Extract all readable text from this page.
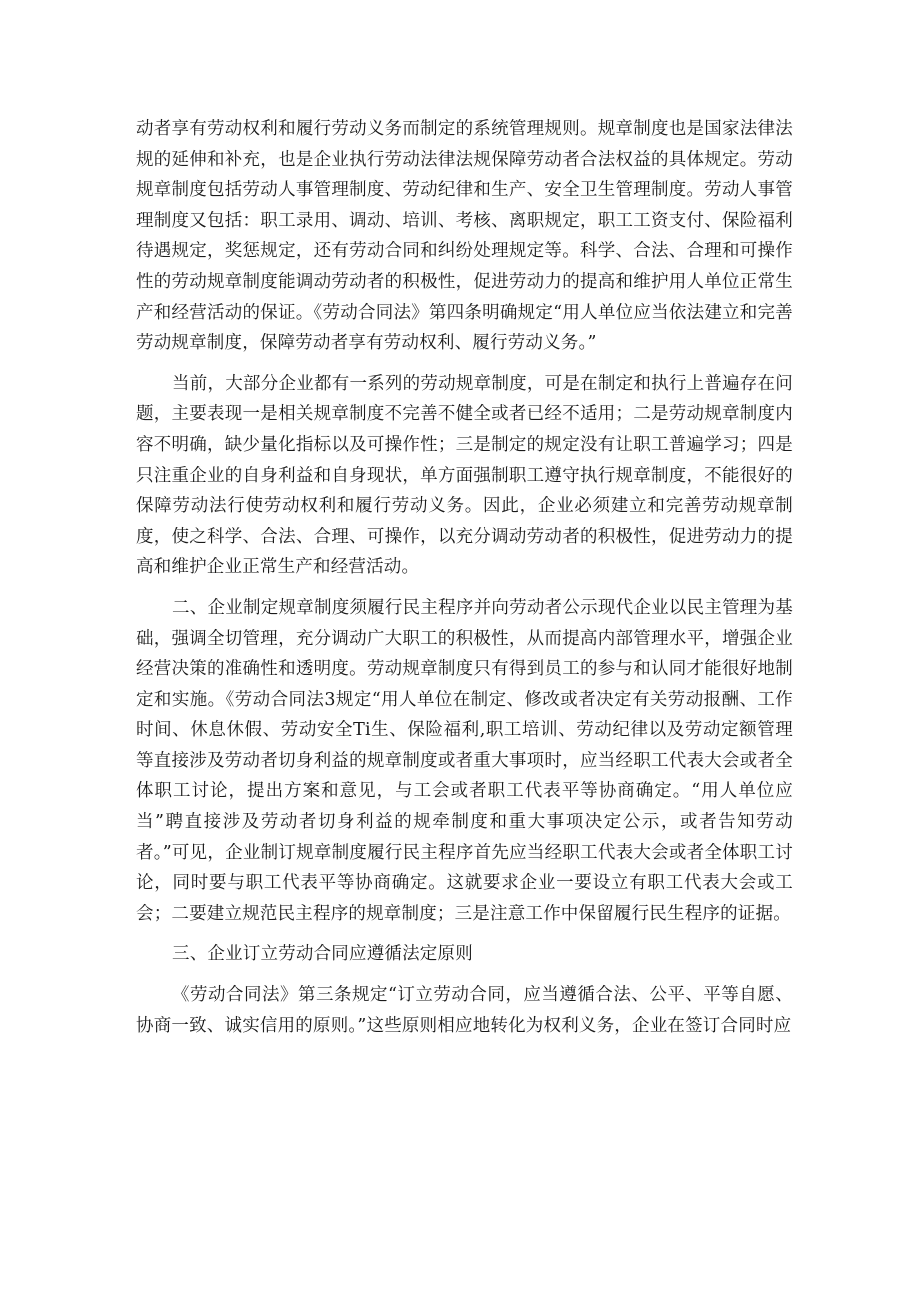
动者享有劳动权利和履行劳动义务而制定的系统管理规则。规章制度也是国家法律法规的延伸和补充，也是企业执行劳动法律法规保障劳动者合法权益的具体规定。劳动规章制度包括劳动人事管理制度、劳动纪律和生产、安全卫生管理制度。劳动人事管理制度又包括：职工录用、调动、培训、考核、离职规定，职工工资支付、保险福利待遇规定，奖惩规定，还有劳动合同和纠纷处理规定等。科学、合法、合理和可操作性的劳动规章制度能调动劳动者的积极性，促进劳动力的提高和维护用人单位正常生产和经营活动的保证。《劳动合同法》第四条明确规定“用人单位应当依法建立和完善劳动规章制度，保障劳动者享有劳动权利、履行劳动义务。”

当前，大部分企业都有一系列的劳动规章制度，可是在制定和执行上普遍存在问题，主要表现一是相关规章制度不完善不健全或者已经不适用；二是劳动规章制度内容不明确，缺少量化指标以及可操作性；三是制定的规定没有让职工普遍学习；四是只注重企业的自身利益和自身现状，单方面强制职工遵守执行规章制度，不能很好的保障劳动法行使劳动权利和履行劳动义务。因此，企业必须建立和完善劳动规章制度，使之科学、合法、合理、可操作，以充分调动劳动者的积极性，促进劳动力的提高和维护企业正常生产和经营活动。

二、企业制定规章制度须履行民主程序并向劳动者公示现代企业以民主管理为基础，强调全切管理，充分调动广大职工的积极性，从而提高内部管理水平，增强企业经营决策的准确性和透明度。劳动规章制度只有得到员工的参与和认同才能很好地制定和实施。《劳动合同法3规定“用人单位在制定、修改或者决定有关劳动报酬、工作时间、休息休假、劳动安全Ti生、保险福利,职工培训、劳动纪律以及劳动定额管理等直接涉及劳动者切身利益的规章制度或者重大事项时，应当经职工代表大会或者全体职工讨论，提出方案和意见，与工会或者职工代表平等协商确定。“用人单位应当”聘直接涉及劳动者切身利益的规牵制度和重大事项决定公示，或者告知劳动者。”可见，企业制订规章制度履行民主程序首先应当经职工代表大会或者全体职工讨论，同时要与职工代表平等协商确定。这就要求企业一要设立有职工代表大会或工会；二要建立规范民主程序的规章制度；三是注意工作中保留履行民生程序的证据。

三、企业订立劳动合同应遵循法定原则

《劳动合同法》第三条规定“订立劳动合同，应当遵循合法、公平、平等自愿、协商一致、诚实信用的原则。”这些原则相应地转化为权利义务，企业在签订合同时应
